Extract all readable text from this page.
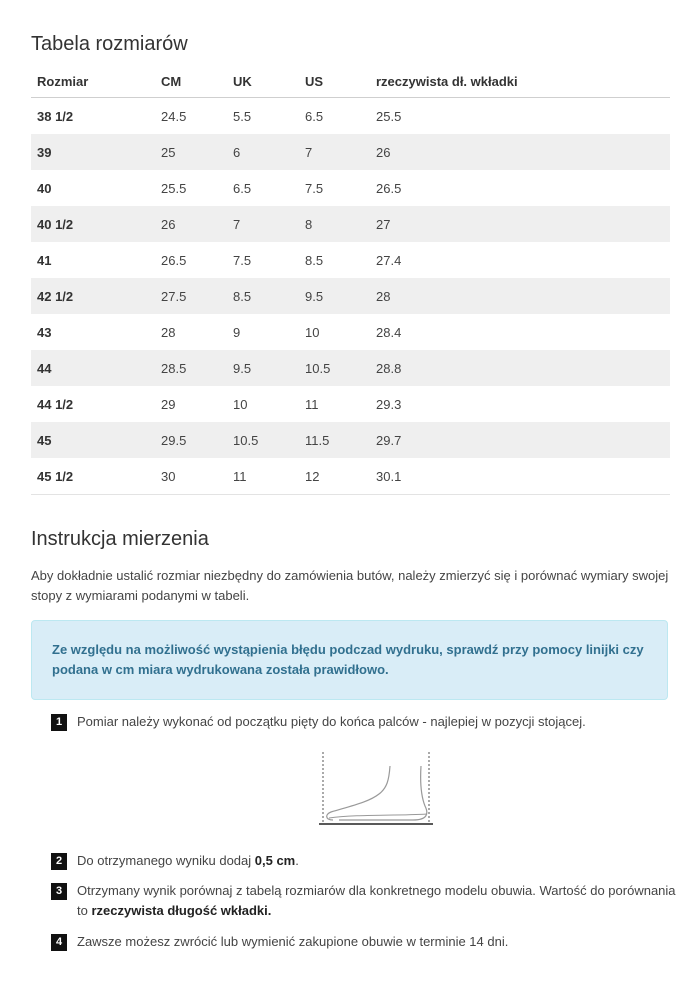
Tabela rozmiarów
Rozmiar	CM	UK	US	rzeczywista dł. wkładki
38 1/2	24.5	5.5	6.5	25.5
39	25	6	7	26
40	25.5	6.5	7.5	26.5
40 1/2	26	7	8	27
41	26.5	7.5	8.5	27.4
42 1/2	27.5	8.5	9.5	28
43	28	9	10	28.4
44	28.5	9.5	10.5	28.8
44 1/2	29	10	11	29.3
45	29.5	10.5	11.5	29.7
45 1/2	30	11	12	30.1
Instrukcja mierzenia
Aby dokładnie ustalić rozmiar niezbędny do zamówienia butów, należy zmierzyć się i porównać wymiary swojej stopy z wymiarami podanymi w tabeli.
Ze względu na możliwość wystąpienia błędu podczad wydruku, sprawdź przy pomocy linijki czy podana w cm miara wydrukowana została prawidłowo.
1	Pomiar należy wykonać od początku pięty do końca palców - najlepiej w pozycji stojącej.
2	Do otrzymanego wyniku dodaj 0,5 cm.
3	Otrzymany wynik porównaj z tabelą rozmiarów dla konkretnego modelu obuwia. Wartość do porównania to rzeczywista długość wkładki.
4	Zawsze możesz zwrócić lub wymienić zakupione obuwie w terminie 14 dni.
